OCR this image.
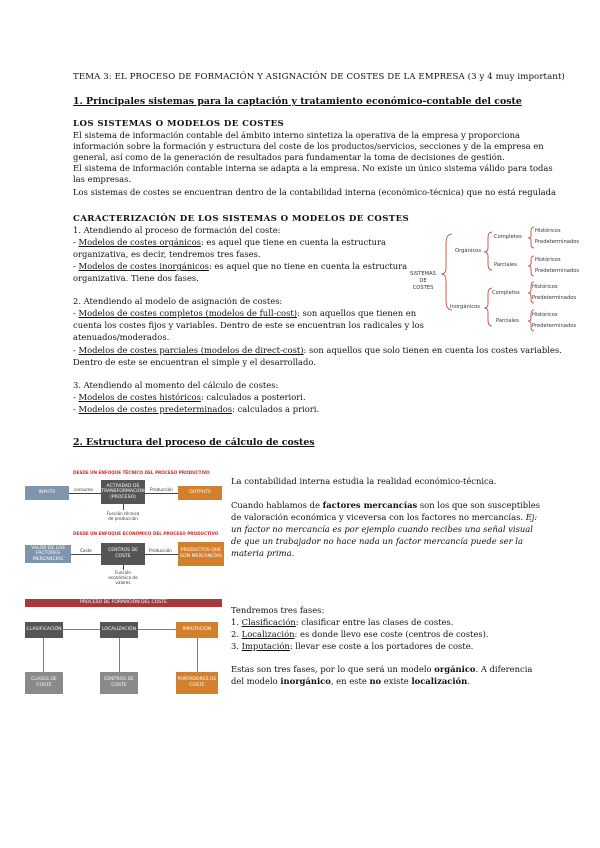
TEMA 3: EL PROCESO DE FORMACIÓN Y ASIGNACIÓN DE COSTES DE LA EMPRESA (3 y 4 muy important)
1. Principales sistemas para la captación y tratamiento económico-contable del coste
LOS SISTEMAS O MODELOS DE COSTES
El sistema de información contable del ámbito interno sintetiza la operativa de la empresa y proporciona
información sobre la formación y estructura del coste de los productos/servicios, secciones y de la empresa en
general, así como de la generación de resultados para fundamentar la toma de decisiones de gestión.
El sistema de información contable interna se adapta a la empresa. No existe un único sistema válido para todas
las empresas.
Los sistemas de costes se encuentran dentro de la contabilidad interna (económico-técnica) que no está regulada
CARACTERIZACIÓN DE LOS SISTEMAS O MODELOS DE COSTES
1. Atendiendo al proceso de formación del coste:
- Modelos de costes orgánicos: es aquel que tiene en cuenta la estructura
organizativa, es decir, tendremos tres fases.
- Modelos de costes inorgánicos: es aquel que no tiene en cuenta la estructura
organizativa. Tiene dos fases.
2. Atendiendo al modelo de asignación de costes:
- Modelos de costes completos (modelos de full-cost): son aquellos que tienen en
cuenta los costes fijos y variables. Dentro de este se encuentran los radicales y los
atenuados/moderados.
- Modelos de costes parciales (modelos de direct-cost): son aquellos que solo tienen en cuenta los costes variables.
Dentro de este se encuentran el simple y el desarrollado.
3. Atendiendo al momento del cálculo de costes:
- Modelos de costes históricos: calculados a posteriori.
- Modelos de costes predeterminados: calculados a priori.
SISTEMAS
DE
COSTES
Orgánicos
Inorgánicos
Completos
Parciales
Completos
Parciales
Históricos
Predeterminados
Históricos
Predeterminados
Históricos
Predeterminados
Históricos
Predeterminados
2. Estructura del proceso de cálculo de costes
DESDE UN ENFOQUE TÉCNICO DEL PROCESO PRODUCTIVO
INPUTS
ACTIVIDAD DE TRANSFORMACIÓN (PROCESO)
OUTPUTS
consumo	Producción
Función técnica de producción
DESDE UN ENFOQUE ECONÓMICO DEL PROCESO PRODUCTIVO
VALOR DE LOS FACTORES MERCANCÍAS
CENTROS DE COSTE
PRODUCTOS QUE SON MERCANCÍAS
Coste	Producción
Función económica de valores
PROCESO DE FORMACIÓN DEL COSTE
CLASIFICACIÓN	LOCALIZACIÓN	IMPUTACIÓN
CLASES DE COSTE
CENTROS DE COSTE
PORTADORES DE COSTE
La contabilidad interna estudia la realidad económico-técnica.
Cuando hablamos de factores mercancías son los que son susceptibles
de valoración económica y viceversa con los factores no mercancías. Ej:
un factor no mercancía es por ejemplo cuando recibes una señal visual
de que un trabajador no hace nada un factor mercancía puede ser la
materia prima.
Tendremos tres fases:
1. Clasificación: clasificar entre las clases de costes.
2. Localización: es donde llevo ese coste (centros de costes).
3. Imputación: llevar ese coste a los portadores de coste.
Estas son tres fases, por lo que será un modelo orgánico. A diferencia
del modelo inorgánico, en este no existe localización.
